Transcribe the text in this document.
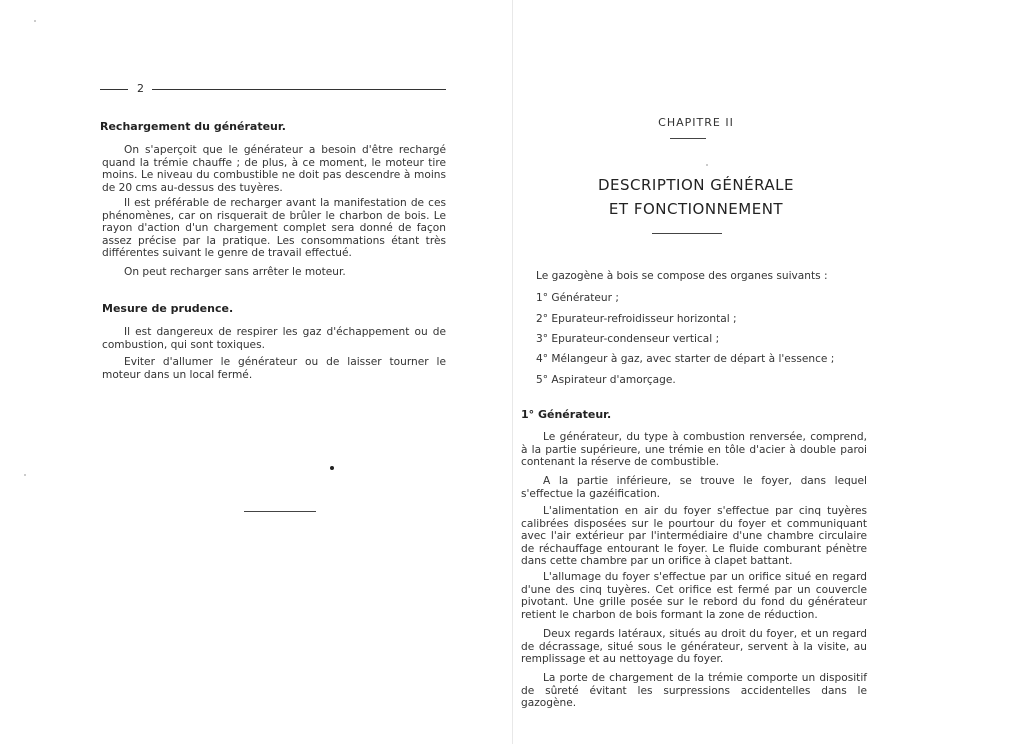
2
Rechargement du générateur.
On s'aperçoit que le générateur a besoin d'être rechargé quand la trémie chauffe ; de plus, à ce moment, le moteur tire moins. Le niveau du combustible ne doit pas descendre à moins de 20 cms au-dessus des tuyères.
Il est préférable de recharger avant la manifestation de ces phénomènes, car on risquerait de brûler le charbon de bois. Le rayon d'action d'un chargement complet sera donné de façon assez précise par la pratique. Les consommations étant très différentes suivant le genre de travail effectué.
On peut recharger sans arrêter le moteur.
Mesure de prudence.
Il est dangereux de respirer les gaz d'échappement ou de combustion, qui sont toxiques.
Eviter d'allumer le générateur ou de laisser tourner le moteur dans un local fermé.
CHAPITRE II
DESCRIPTION GÉNÉRALE
ET FONCTIONNEMENT
Le gazogène à bois se compose des organes suivants :
1° Générateur ;
2° Epurateur-refroidisseur horizontal ;
3° Epurateur-condenseur vertical ;
4° Mélangeur à gaz, avec starter de départ à l'essence ;
5° Aspirateur d'amorçage.
1° Générateur.
Le générateur, du type à combustion renversée, comprend, à la partie supérieure, une trémie en tôle d'acier à double paroi contenant la réserve de combustible.
A la partie inférieure, se trouve le foyer, dans lequel s'effectue la gazéification.
L'alimentation en air du foyer s'effectue par cinq tuyères calibrées disposées sur le pourtour du foyer et communiquant avec l'air extérieur par l'intermédiaire d'une chambre circulaire de réchauffage entourant le foyer. Le fluide comburant pénètre dans cette chambre par un orifice à clapet battant.
L'allumage du foyer s'effectue par un orifice situé en regard d'une des cinq tuyères. Cet orifice est fermé par un couvercle pivotant. Une grille posée sur le rebord du fond du générateur retient le charbon de bois formant la zone de réduction.
Deux regards latéraux, situés au droit du foyer, et un regard de décrassage, situé sous le générateur, servent à la visite, au remplissage et au nettoyage du foyer.
La porte de chargement de la trémie comporte un dispositif de sûreté évitant les surpressions accidentelles dans le gazogène.
